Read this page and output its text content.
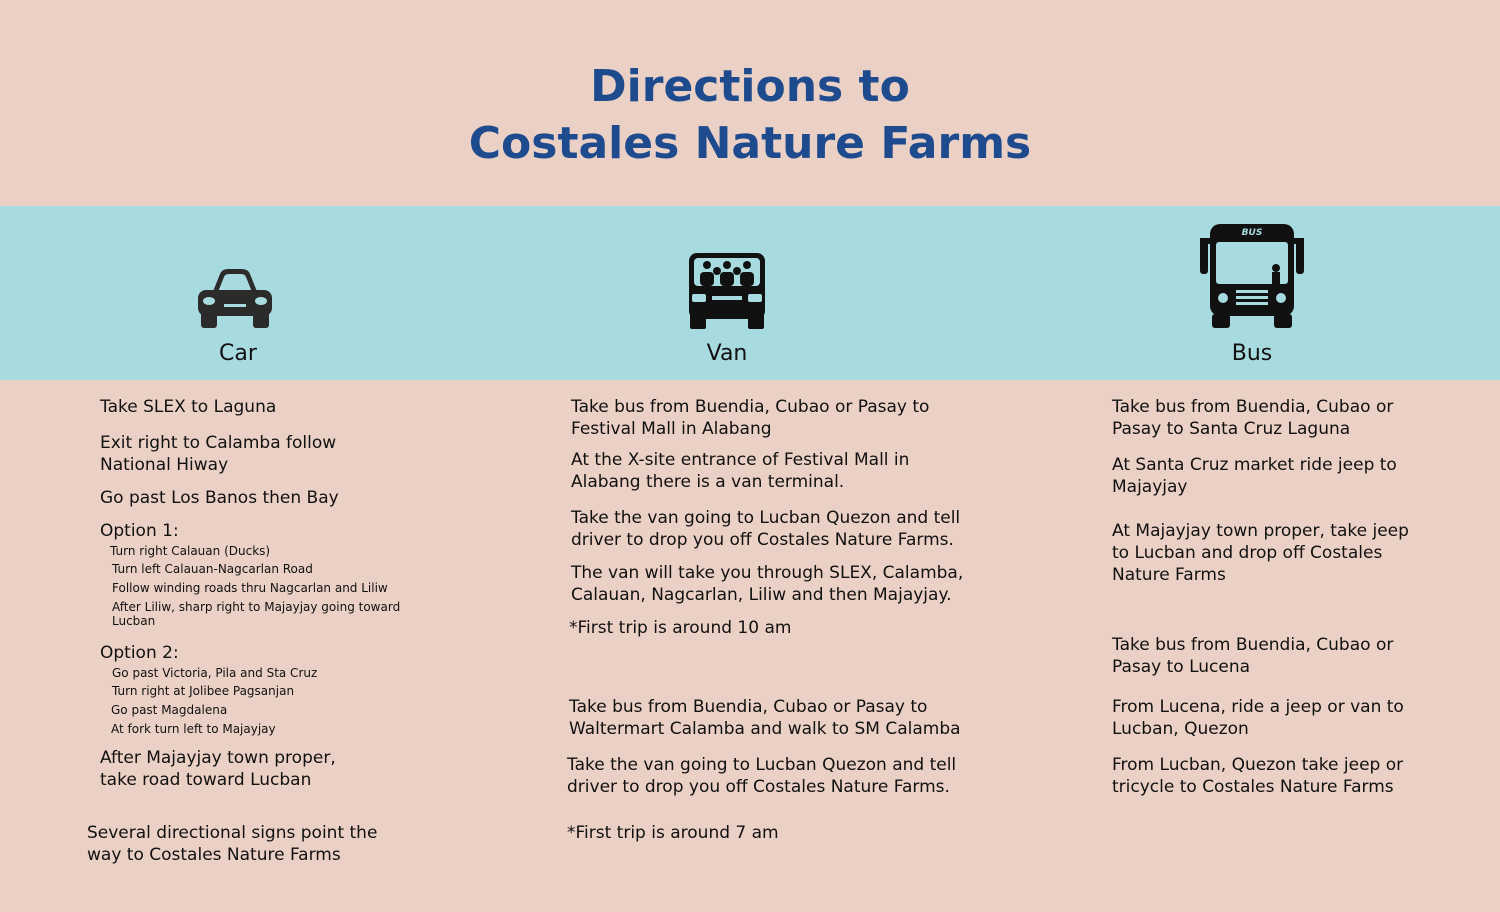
Directions to
Costales Nature Farms
Car	Van
BUS
Bus
Take SLEX to Laguna
Exit right to Calamba follow
National Hiway
Go past Los Banos then Bay
Option 1:
Turn right Calauan (Ducks)
Turn left Calauan-Nagcarlan Road
Follow winding roads thru Nagcarlan and Liliw
After Liliw, sharp right to Majayjay going toward
Lucban
Option 2:
Go past Victoria, Pila and Sta Cruz
Turn right at Jolibee Pagsanjan
Go past Magdalena
At fork turn left to Majayjay
After Majayjay town proper,
take road toward Lucban
Several directional signs point the
way to Costales Nature Farms
Take bus from Buendia, Cubao or Pasay to
Festival Mall in Alabang
At the X-site entrance of Festival Mall in
Alabang there is a van terminal.
Take the van going to Lucban Quezon and tell
driver to drop you off Costales Nature Farms.
The van will take you through SLEX, Calamba,
Calauan, Nagcarlan, Liliw and then Majayjay.
*First trip is around 10 am
Take bus from Buendia, Cubao or Pasay to
Waltermart Calamba and walk to SM Calamba
Take the van going to Lucban Quezon and tell
driver to drop you off Costales Nature Farms.
*First trip is around 7 am
Take bus from Buendia, Cubao or
Pasay to Santa Cruz Laguna
At Santa Cruz market ride jeep to
Majayjay
At Majayjay town proper, take jeep
to Lucban and drop off Costales
Nature Farms
Take bus from Buendia, Cubao or
Pasay to Lucena
From Lucena, ride a jeep or van to
Lucban, Quezon
From Lucban, Quezon take jeep or
tricycle to Costales Nature Farms
